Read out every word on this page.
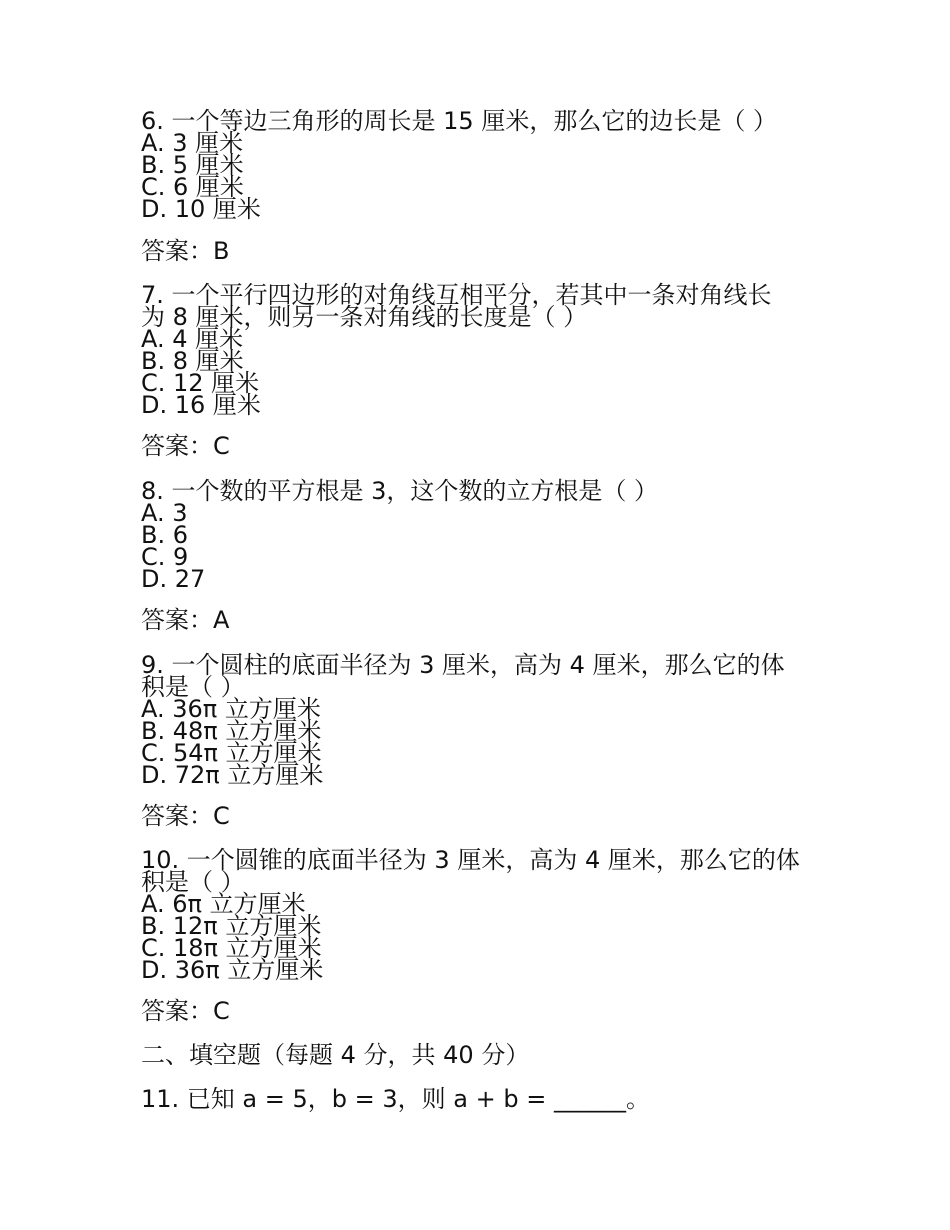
6. 一个等边三角形的周长是 15 厘米，那么它的边长是（ ）
A. 3 厘米
B. 5 厘米
C. 6 厘米
D. 10 厘米
答案：B
7. 一个平行四边形的对角线互相平分，若其中一条对角线长
为 8 厘米，则另一条对角线的长度是（ ）
A. 4 厘米
B. 8 厘米
C. 12 厘米
D. 16 厘米
答案：C
8. 一个数的平方根是 3，这个数的立方根是（ ）
A. 3
B. 6
C. 9
D. 27
答案：A
9. 一个圆柱的底面半径为 3 厘米，高为 4 厘米，那么它的体
积是（ ）
A. 36π 立方厘米
B. 48π 立方厘米
C. 54π 立方厘米
D. 72π 立方厘米
答案：C
10. 一个圆锥的底面半径为 3 厘米，高为 4 厘米，那么它的体
积是（ ）
A. 6π 立方厘米
B. 12π 立方厘米
C. 18π 立方厘米
D. 36π 立方厘米
答案：C
二、填空题（每题 4 分，共 40 分）
11. 已知 a = 5，b = 3，则 a + b = ______。
